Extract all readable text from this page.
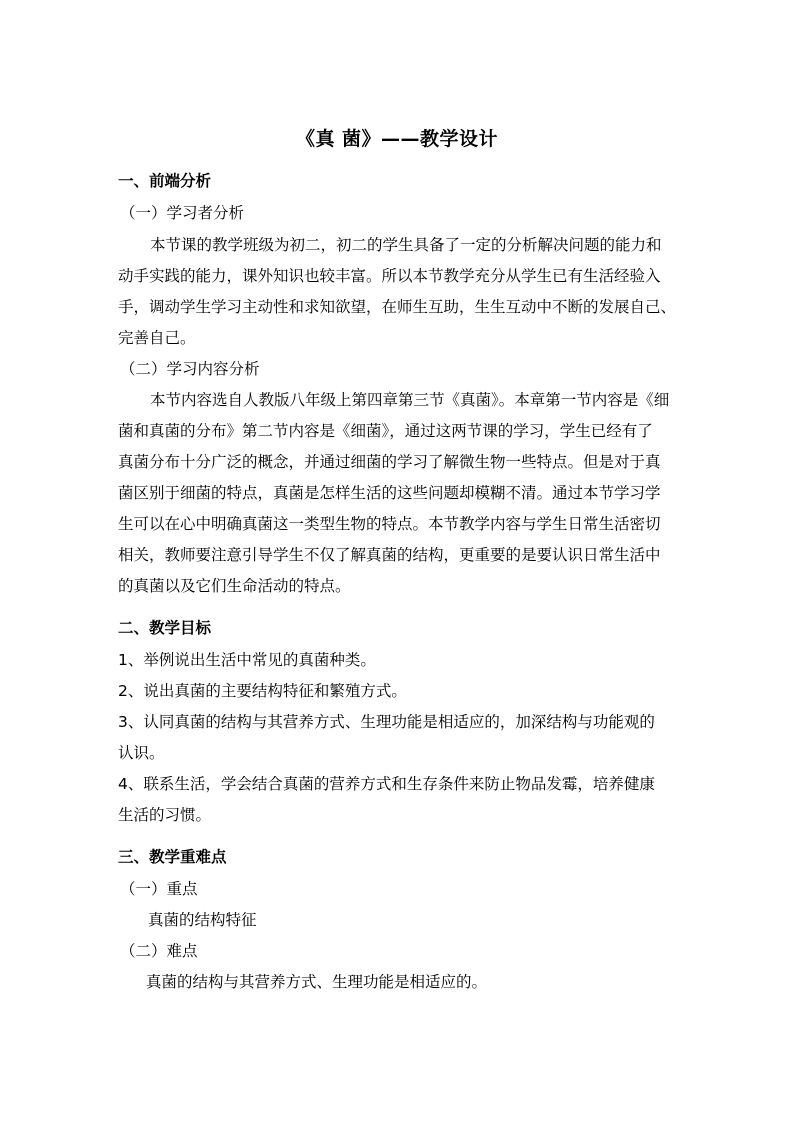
《真 菌》——教学设计
一、前端分析
（一）学习者分析
本节课的教学班级为初二，初二的学生具备了一定的分析解决问题的能力和
动手实践的能力，课外知识也较丰富。所以本节教学充分从学生已有生活经验入
手，调动学生学习主动性和求知欲望，在师生互助，生生互动中不断的发展自己、
完善自己。
（二）学习内容分析
本节内容选自人教版八年级上第四章第三节《真菌》。本章第一节内容是《细
菌和真菌的分布》第二节内容是《细菌》，通过这两节课的学习，学生已经有了
真菌分布十分广泛的概念，并通过细菌的学习了解微生物一些特点。但是对于真
菌区别于细菌的特点，真菌是怎样生活的这些问题却模糊不清。通过本节学习学
生可以在心中明确真菌这一类型生物的特点。本节教学内容与学生日常生活密切
相关，教师要注意引导学生不仅了解真菌的结构，更重要的是要认识日常生活中
的真菌以及它们生命活动的特点。
二、教学目标
1、举例说出生活中常见的真菌种类。
2、说出真菌的主要结构特征和繁殖方式。
3、认同真菌的结构与其营养方式、生理功能是相适应的，加深结构与功能观的
认识。
4、联系生活，学会结合真菌的营养方式和生存条件来防止物品发霉，培养健康
生活的习惯。
三、教学重难点
（一）重点
真菌的结构特征
（二）难点
真菌的结构与其营养方式、生理功能是相适应的。
